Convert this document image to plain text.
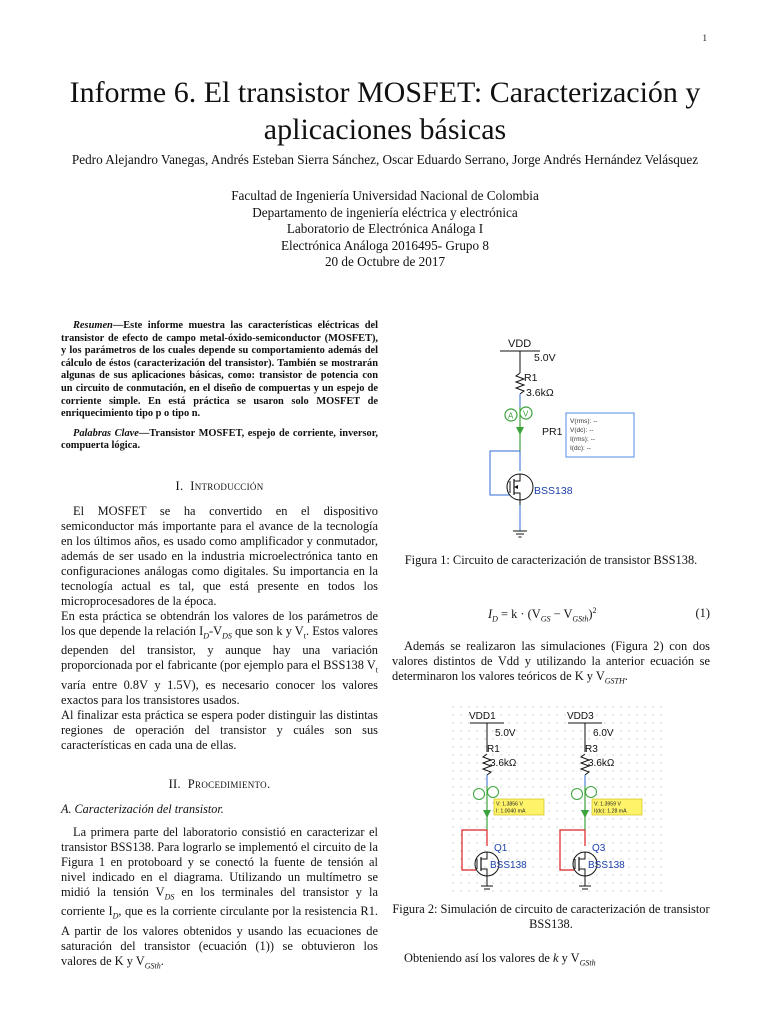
1
Informe 6. El transistor MOSFET: Caracterización y aplicaciones básicas
Pedro Alejandro Vanegas, Andrés Esteban Sierra Sánchez, Oscar Eduardo Serrano, Jorge Andrés Hernández Velásquez
Facultad de Ingeniería Universidad Nacional de Colombia
Departamento de ingeniería eléctrica y electrónica
Laboratorio de Electrónica Análoga I
Electrónica Análoga 2016495- Grupo 8
20 de Octubre de 2017

Resumen—Este informe muestra las características eléctricas del transistor de efecto de campo metal-óxido-semiconductor (MOSFET), y los parámetros de los cuales depende su comportamiento además del cálculo de éstos (caracterización del transistor). También se mostrarán algunas de sus aplicaciones básicas, como: transistor de potencia con un circuito de conmutación, en el diseño de compuertas y un espejo de corriente simple. En está práctica se usaron solo MOSFET de enriquecimiento tipo p o tipo n.

Palabras Clave—Transistor MOSFET, espejo de corriente, inversor, compuerta lógica.

I. Introducción

El MOSFET se ha convertido en el dispositivo semiconductor más importante para el avance de la tecnología en los últimos años, es usado como amplificador y conmutador, además de ser usado en la industria microelectrónica tanto en configuraciones análogas como digitales. Su importancia en la tecnología actual es tal, que está presente en todos los microprocesadores de la época.

En esta práctica se obtendrán los valores de los parámetros de los que depende la relación $I_D-V_{DS}$ que son k y $V_t$. Estos valores dependen del transistor, y aunque hay una variación proporcionada por el fabricante (por ejemplo para el BSS138 $V_t$ varía entre 0.8V y 1.5V), es necesario conocer los valores exactos para los transistores usados.

Al finalizar esta práctica se espera poder distinguir las distintas regiones de operación del transistor y cuáles son sus características en cada una de ellas.

II. Procedimiento.
A. Caracterización del transistor.

La primera parte del laboratorio consistió en caracterizar el transistor BSS138. Para lograrlo se implementó el circuito de la Figura 1 en protoboard y se conectó la fuente de tensión al nivel indicado en el diagrama. Utilizando un multímetro se midió la tensión $V_{DS}$ en los terminales del transistor y la corriente $I_D$, que es la corriente circulante por la resistencia R1. A partir de los valores obtenidos y usando las ecuaciones de saturación del transistor (ecuación (1)) se obtuvieron los valores de K y $V_{GSth}$.

VDD
5.0V
R1
3.6kΩ
PR1
BSS138
A V
V(rms): --
V(dc): --
I(rms): --
I(dc): --
Figura 1: Circuito de caracterización de transistor BSS138.
$I_D = k \cdot (V_{GS} - V_{GSth})^2$	(1)

Además se realizaron las simulaciones (Figura 2) con dos valores distintos de Vdd y utilizando la anterior ecuación se determinaron los valores teóricos de K y $V_{GSTH}$.

VDD1
5.0V
R1
3.6kΩ
V: 1.3856 V
I: 1.0040 mA
Q1
BSS138
VDD3
6.0V
R3
3.6kΩ
V: 1.3959 V
I(dc): 1.28 mA
Q3
BSS138
Figura 2: Simulación de circuito de caracterización de transistor BSS138.

Obteniendo así los valores de k y $V_{GSth}$
